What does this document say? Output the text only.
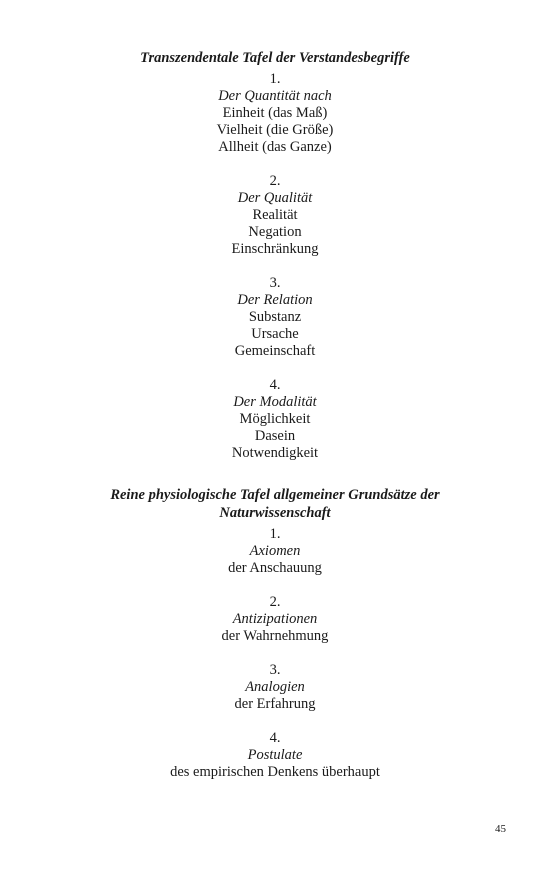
Transzendentale Tafel der Verstandesbegriffe
1.
Der Quantität nach
Einheit (das Maß)
Vielheit (die Größe)
Allheit (das Ganze)
2.
Der Qualität
Realität
Negation
Einschränkung
3.
Der Relation
Substanz
Ursache
Gemeinschaft
4.
Der Modalität
Möglichkeit
Dasein
Notwendigkeit
Reine physiologische Tafel allgemeiner Grundsätze der Naturwissenschaft
1.
Axiomen
der Anschauung
2.
Antizipationen
der Wahrnehmung
3.
Analogien
der Erfahrung
4.
Postulate
des empirischen Denkens überhaupt
45
